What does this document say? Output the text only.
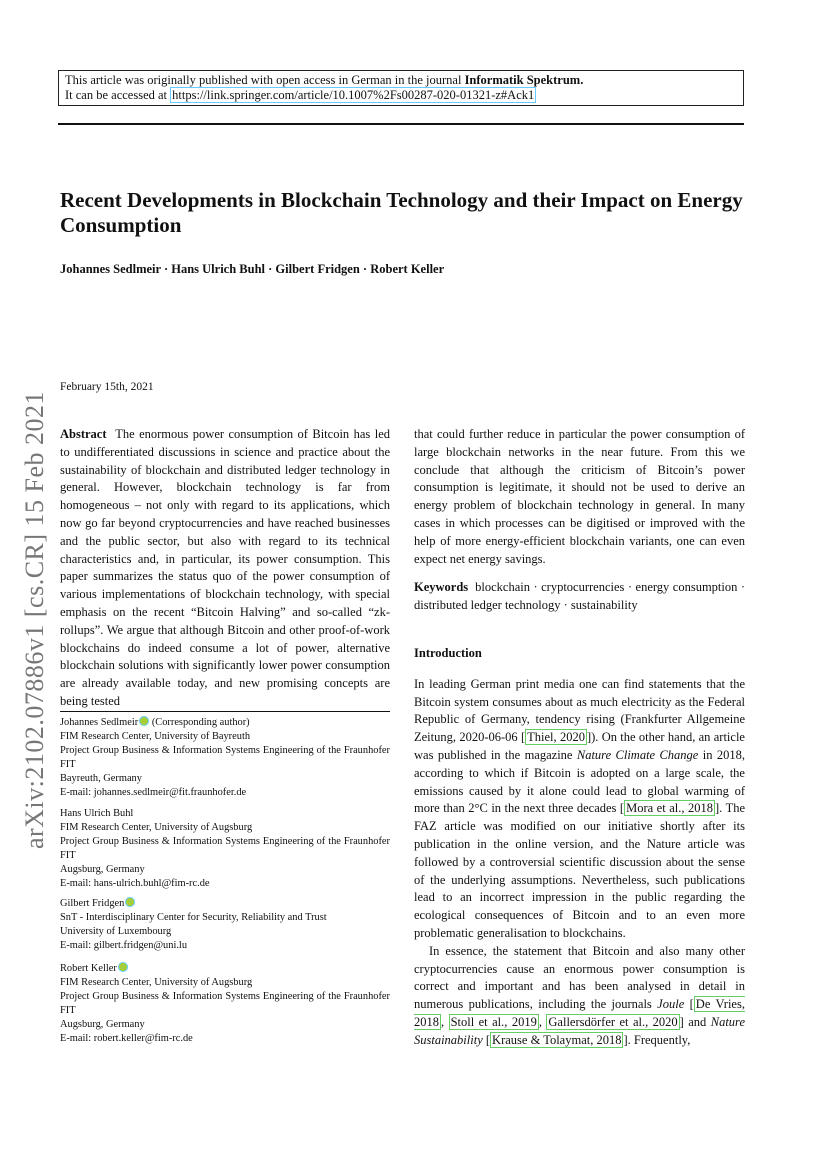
This article was originally published with open access in German in the journal Informatik Spektrum.
It can be accessed at https://link.springer.com/article/10.1007%2Fs00287-020-01321-z#Ack1
Recent Developments in Blockchain Technology and their Impact on Energy Consumption
Johannes Sedlmeir · Hans Ulrich Buhl · Gilbert Fridgen · Robert Keller
arXiv:2102.07886v1 [cs.CR] 15 Feb 2021
February 15th, 2021

Abstract The enormous power consumption of Bitcoin has led to undifferentiated discussions in science and practice about the sustainability of blockchain and distributed ledger technology in general. However, blockchain technology is far from homogeneous – not only with regard to its applications, which now go far beyond cryptocurrencies and have reached businesses and the public sector, but also with regard to its technical characteristics and, in particular, its power consumption. This paper summarizes the status quo of the power consumption of various implementations of blockchain technology, with special emphasis on the recent “Bitcoin Halving” and so-called “zk-rollups”. We argue that although Bitcoin and other proof-of-work blockchains do indeed consume a lot of power, alternative blockchain solutions with significantly lower power consumption are already available today, and new promising concepts are being tested

Johannes Sedlmeir (Corresponding author)
FIM Research Center, University of Bayreuth
Project Group Business & Information Systems Engineering of the Fraunhofer FIT
Bayreuth, Germany
E-mail: johannes.sedlmeir@fit.fraunhofer.de
Hans Ulrich Buhl
FIM Research Center, University of Augsburg
Project Group Business & Information Systems Engineering of the Fraunhofer FIT
Augsburg, Germany
E-mail: hans-ulrich.buhl@fim-rc.de
Gilbert Fridgen
SnT - Interdisciplinary Center for Security, Reliability and Trust
University of Luxembourg
E-mail: gilbert.fridgen@uni.lu
Robert Keller
FIM Research Center, University of Augsburg
Project Group Business & Information Systems Engineering of the Fraunhofer FIT
Augsburg, Germany
E-mail: robert.keller@fim-rc.de

that could further reduce in particular the power consumption of large blockchain networks in the near future. From this we conclude that although the criticism of Bitcoin’s power consumption is legitimate, it should not be used to derive an energy problem of blockchain technology in general. In many cases in which processes can be digitised or improved with the help of more energy-efficient blockchain variants, one can even expect net energy savings.

Keywords blockchain · cryptocurrencies · energy consumption · distributed ledger technology · sustainability

Introduction

In leading German print media one can find statements that the Bitcoin system consumes about as much electricity as the Federal Republic of Germany, tendency rising (Frankfurter Allgemeine Zeitung, 2020-06-06 [ Thiel, 2020 ]). On the other hand, an article was published in the magazine Nature Climate Change in 2018, according to which if Bitcoin is adopted on a large scale, the emissions caused by it alone could lead to global warming of more than 2°C in the next three decades [ Mora et al., 2018 ]. The FAZ article was modified on our initiative shortly after its publication in the online version, and the Nature article was followed by a controversial scientific discussion about the sense of the underlying assumptions. Nevertheless, such publications lead to an incorrect impression in the public regarding the ecological consequences of Bitcoin and to an even more problematic generalisation to blockchains.

In essence, the statement that Bitcoin and also many other cryptocurrencies cause an enormous power consumption is correct and important and has been analysed in detail in numerous publications, including the journals Joule [ De Vries, 2018 , Stoll et al., 2019 , Gallersdörfer et al., 2020 ] and Nature Sustainability [ Krause & Tolaymat, 2018 ]. Frequently,
